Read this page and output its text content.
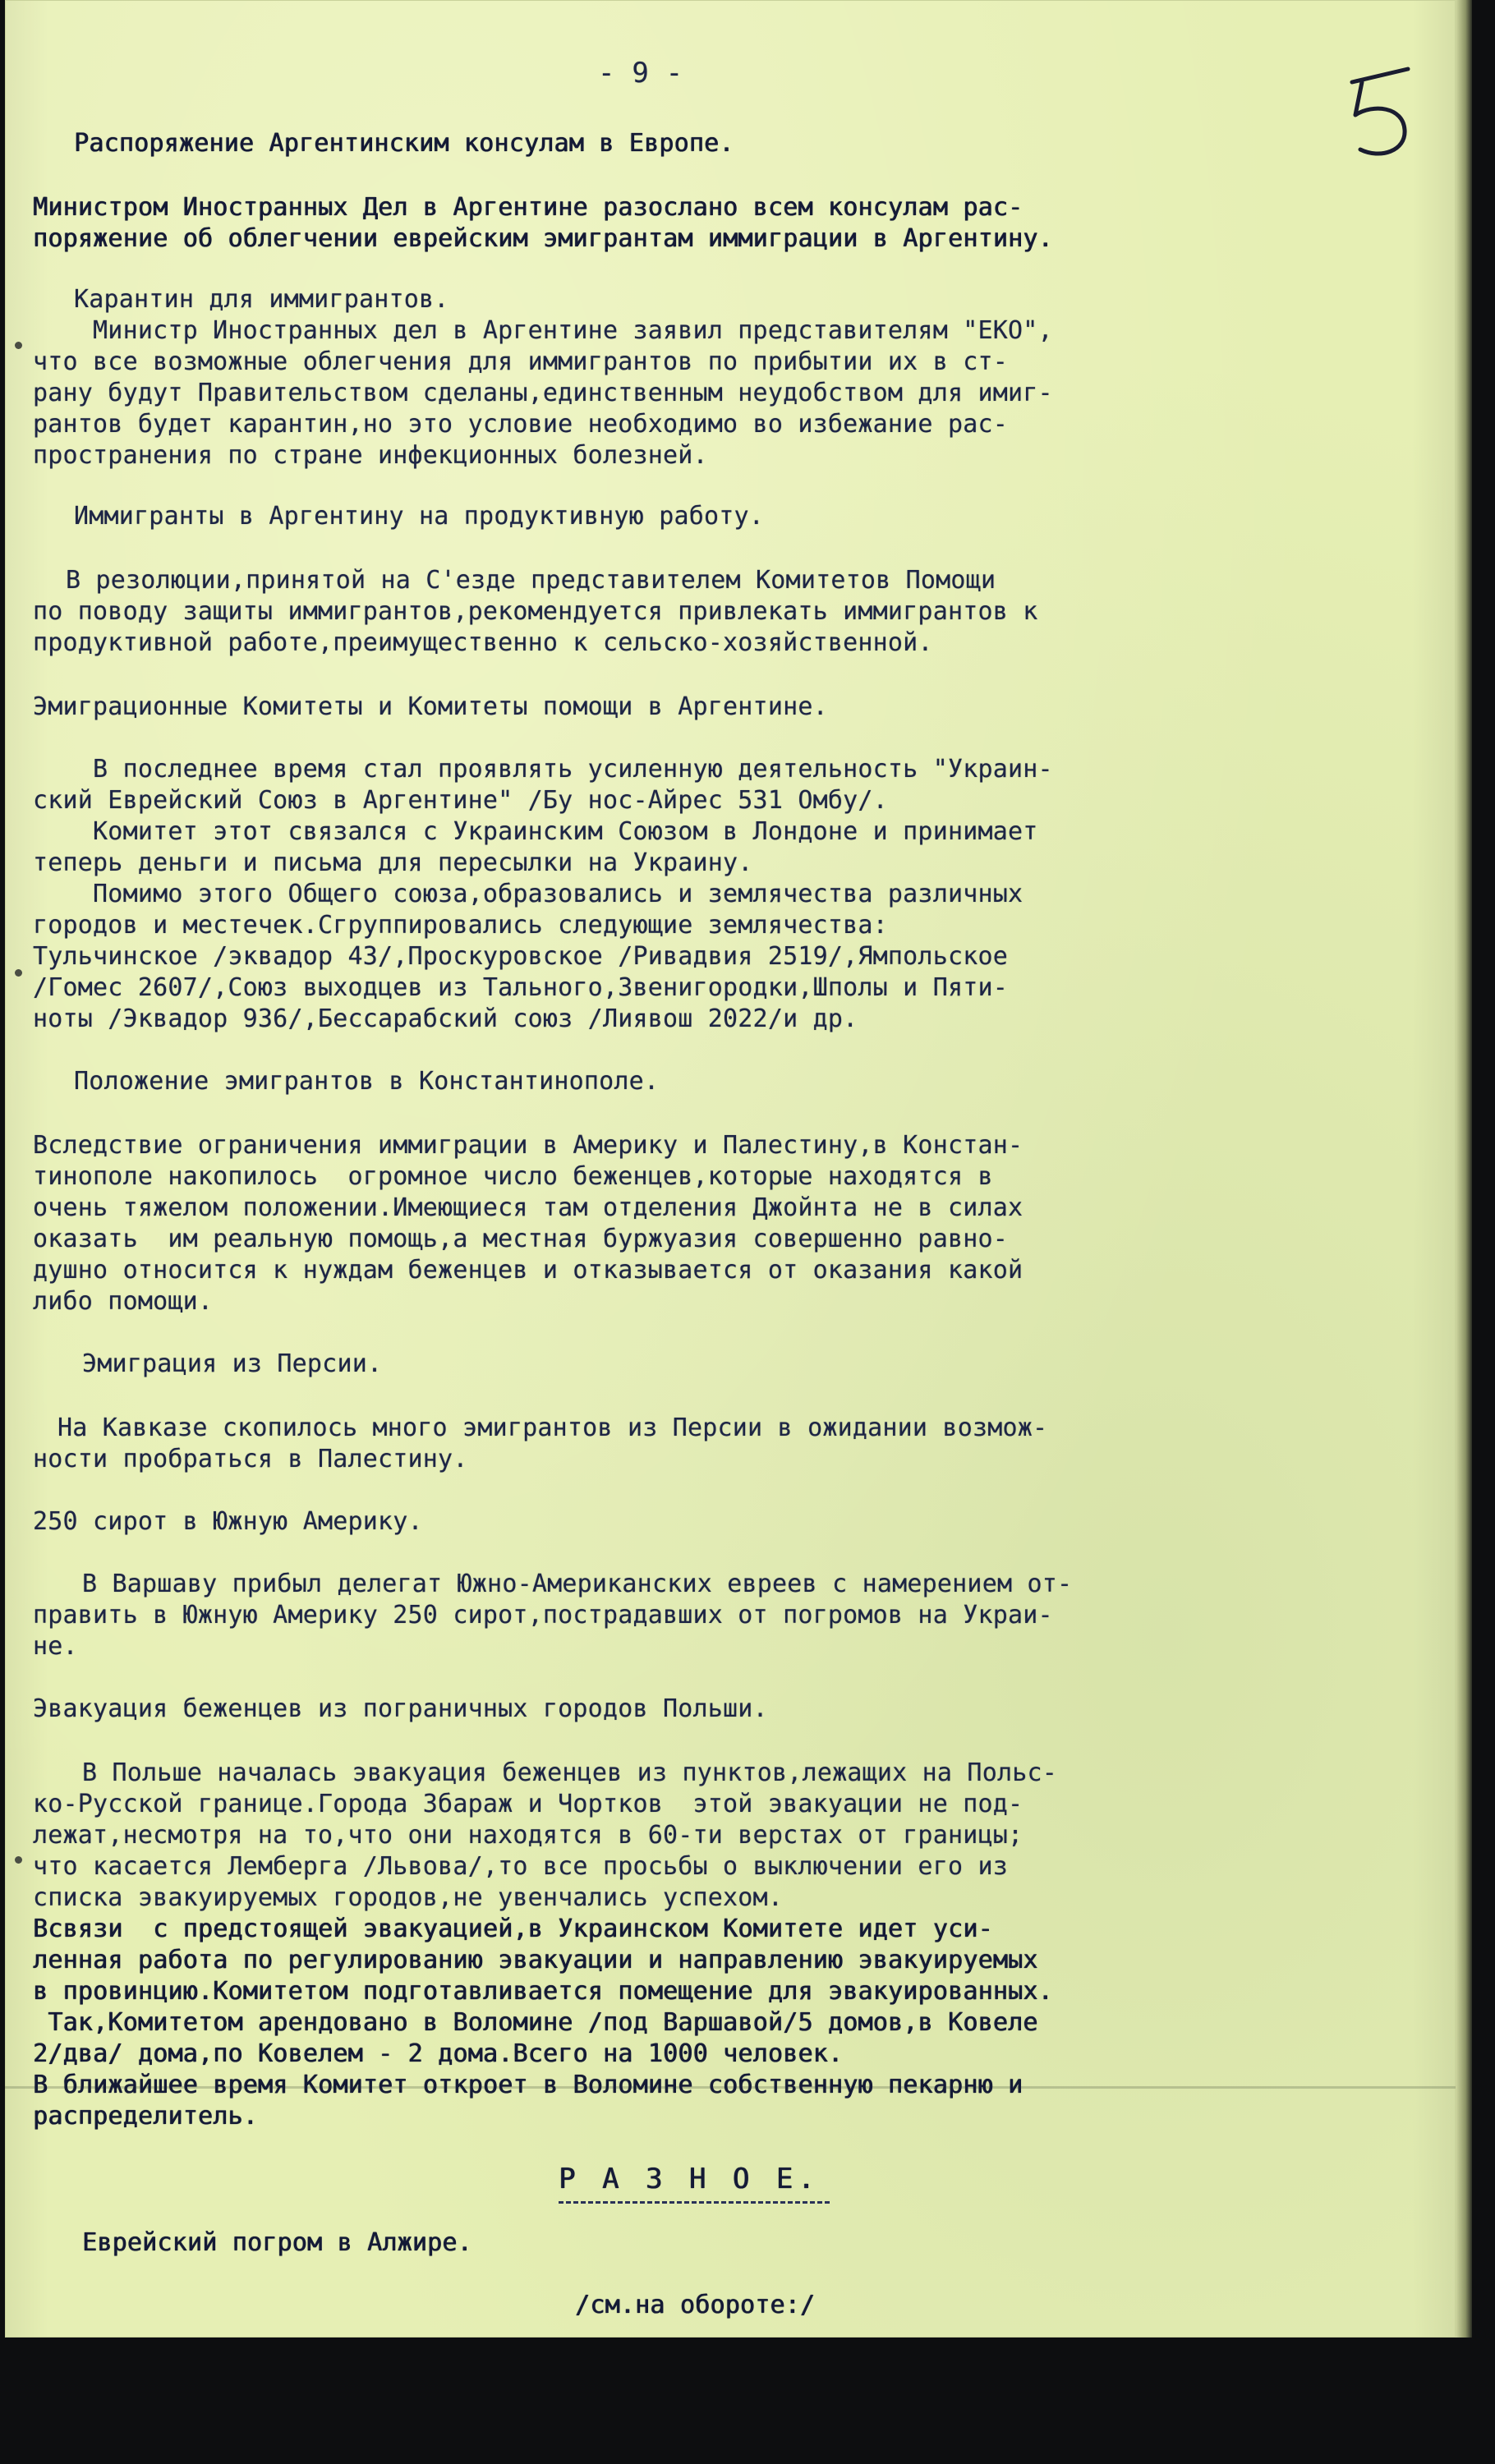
- 9 -

Распоряжение Аргентинским консулам в Европе.

Министром Иностранных Дел в Аргентине разослано всем консулам рас-

поряжение об облегчении еврейским эмигрантам иммиграции в Аргентину.

Карантин для иммигрантов.

Министр Иностранных дел в Аргентине заявил представителям "ЕКО",

что все возможные облегчения для иммигрантов по прибытии их в ст-

рану будут Правительством сделаны,единственным неудобством для имиг-

рантов будет карантин,но это условие необходимо во избежание рас-

пространения по стране инфекционных болезней.

Иммигранты в Аргентину на продуктивную работу.

В резолюции,принятой на С'езде представителем Комитетов Помощи

по поводу защиты иммигрантов,рекомендуется привлекать иммигрантов к

продуктивной работе,преимущественно к сельско-хозяйственной.

Эмиграционные Комитеты и Комитеты помощи в Аргентине.

В последнее время стал проявлять усиленную деятельность "Украин-

ский Еврейский Союз в Аргентине" /Бу нос-Айрес 531 Омбу/.

Комитет этот связался с Украинским Союзом в Лондоне и принимает

теперь деньги и письма для пересылки на Украину.

Помимо этого Общего союза,образовались и землячества различных

городов и местечек.Сгруппировались следующие землячества:

Тульчинское /эквадор 43/,Проскуровское /Ривадвия 2519/,Ямпольское

/Гомес 2607/,Союз выходцев из Тального,Звенигородки,Шполы и Пяти-

ноты /Эквадор 936/,Бессарабский союз /Лиявош 2022/и др.

Положение эмигрантов в Константинополе.

Вследствие ограничения иммиграции в Америку и Палестину,в Констан-

тинополе накопилось  огромное число беженцев,которые находятся в

очень тяжелом положении.Имеющиеся там отделения Джойнта не в силах

оказать  им реальную помощь,а местная буржуазия совершенно равно-

душно относится к нуждам беженцев и отказывается от оказания какой

либо помощи.

Эмиграция из Персии.

На Кавказе скопилось много эмигрантов из Персии в ожидании возмож-

ности пробраться в Палестину.

250 сирот в Южную Америку.

В Варшаву прибыл делегат Южно-Американских евреев с намерением от-

править в Южную Америку 250 сирот,пострадавших от погромов на Украи-

не.

Эвакуация беженцев из пограничных городов Польши.

В Польше началась эвакуация беженцев из пунктов,лежащих на Польс-

ко-Русской границе.Города Збараж и Чортков  этой эвакуации не под-

лежат,несмотря на то,что они находятся в 60-ти верстах от границы;

что касается Лемберга /Львова/,то все просьбы о выключении его из

списка эвакуируемых городов,не увенчались успехом.

Всвязи  с предстоящей эвакуацией,в Украинском Комитете идет уси-

ленная работа по регулированию эвакуации и направлению эвакуируемых

в провинцию.Комитетом подготавливается помещение для эвакуированных.

Так,Комитетом арендовано в Воломине /под Варшавой/5 домов,в Ковеле

2/два/ дома,по Ковелем - 2 дома.Всего на 1000 человек.

В ближайшее время Комитет откроет в Воломине собственную пекарню и

распределитель.

Р А З Н О Е.

Еврейский погром в Алжире.

/см.на обороте:/
